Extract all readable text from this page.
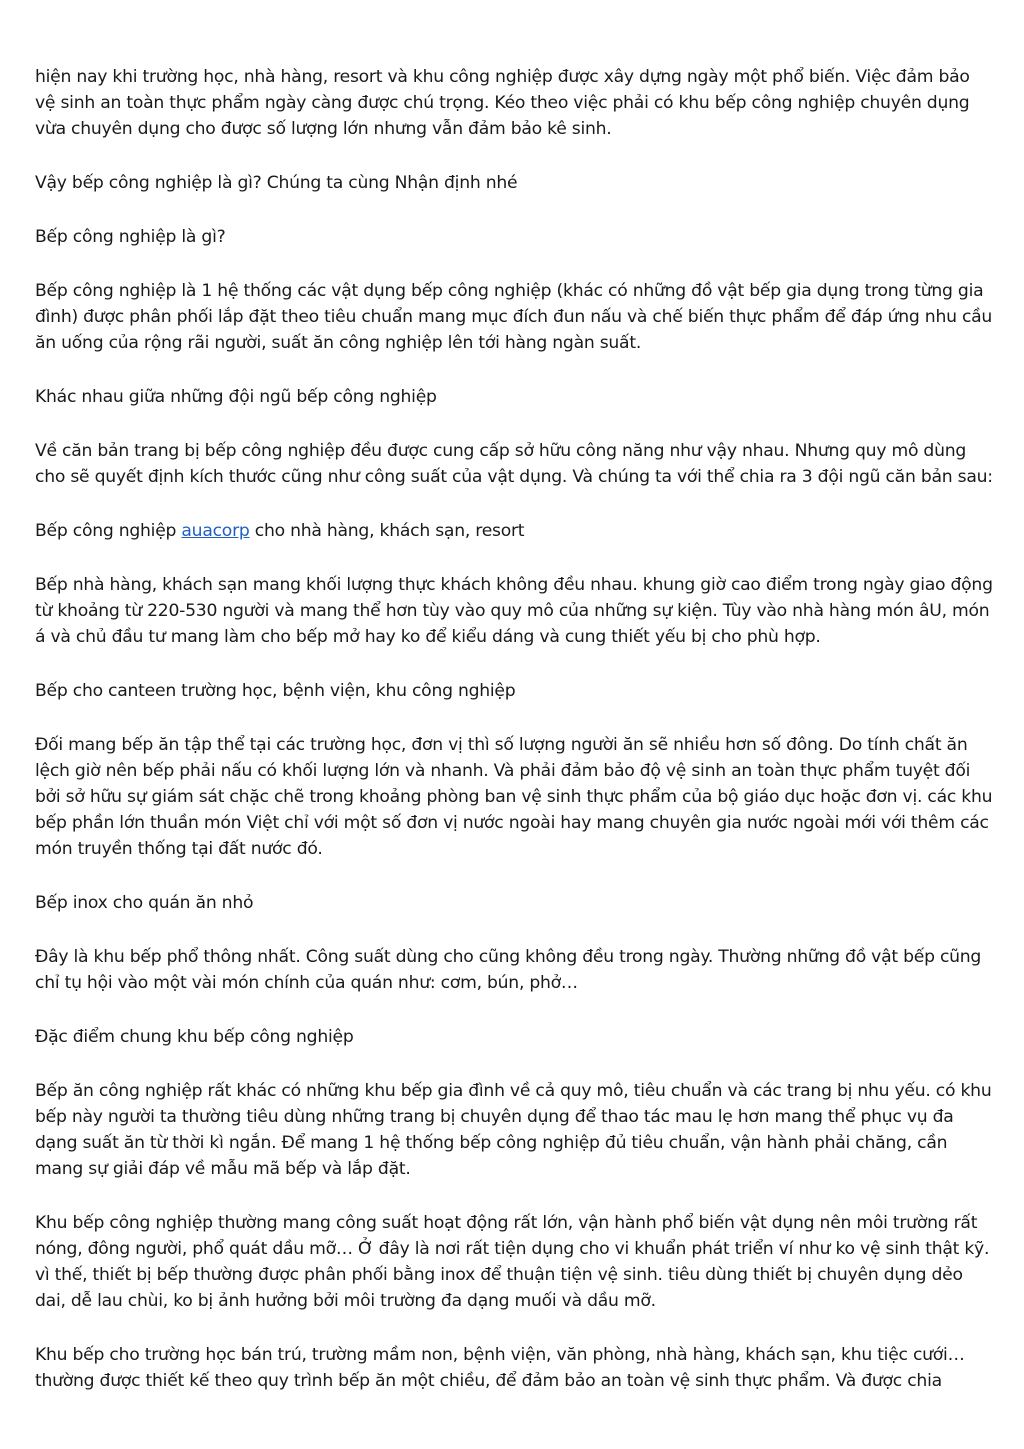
hiện nay khi trường học, nhà hàng, resort và khu công nghiệp được xây dựng ngày một phổ biến. Việc đảm bảo vệ sinh an toàn thực phẩm ngày càng được chú trọng. Kéo theo việc phải có khu bếp công nghiệp chuyên dụng vừa chuyên dụng cho được số lượng lớn nhưng vẫn đảm bảo kê sinh.

Vậy bếp công nghiệp là gì? Chúng ta cùng Nhận định nhé

Bếp công nghiệp là gì?

Bếp công nghiệp là 1 hệ thống các vật dụng bếp công nghiệp (khác có những đồ vật bếp gia dụng trong từng gia đình) được phân phối lắp đặt theo tiêu chuẩn mang mục đích đun nấu và chế biến thực phẩm để đáp ứng nhu cầu ăn uống của rộng rãi người, suất ăn công nghiệp lên tới hàng ngàn suất.

Khác nhau giữa những đội ngũ bếp công nghiệp

Về căn bản trang bị bếp công nghiệp đều được cung cấp sở hữu công năng như vậy nhau. Nhưng quy mô dùng cho sẽ quyết định kích thước cũng như công suất của vật dụng. Và chúng ta với thể chia ra 3 đội ngũ căn bản sau:

Bếp công nghiệp auacorp cho nhà hàng, khách sạn, resort

Bếp nhà hàng, khách sạn mang khối lượng thực khách không đều nhau. khung giờ cao điểm trong ngày giao động từ khoảng từ 220-530 người và mang thể hơn tùy vào quy mô của những sự kiện. Tùy vào nhà hàng món âU, món á và chủ đầu tư mang làm cho bếp mở hay ko để kiểu dáng và cung thiết yếu bị cho phù hợp.

Bếp cho canteen trường học, bệnh viện, khu công nghiệp

Đối mang bếp ăn tập thể tại các trường học, đơn vị thì số lượng người ăn sẽ nhiều hơn số đông. Do tính chất ăn lệch giờ nên bếp phải nấu có khối lượng lớn và nhanh. Và phải đảm bảo độ vệ sinh an toàn thực phẩm tuyệt đối bởi sở hữu sự giám sát chặc chẽ trong khoảng phòng ban vệ sinh thực phẩm của bộ giáo dục hoặc đơn vị. các khu bếp phần lớn thuần món Việt chỉ với một số đơn vị nước ngoài hay mang chuyên gia nước ngoài mới với thêm các món truyền thống tại đất nước đó.

Bếp inox cho quán ăn nhỏ

Đây là khu bếp phổ thông nhất. Công suất dùng cho cũng không đều trong ngày. Thường những đồ vật bếp cũng chỉ tụ hội vào một vài món chính của quán như: cơm, bún, phở…

Đặc điểm chung khu bếp công nghiệp

Bếp ăn công nghiệp rất khác có những khu bếp gia đình về cả quy mô, tiêu chuẩn và các trang bị nhu yếu. có khu bếp này người ta thường tiêu dùng những trang bị chuyên dụng để thao tác mau lẹ hơn mang thể phục vụ đa dạng suất ăn từ thời kì ngắn. Để mang 1 hệ thống bếp công nghiệp đủ tiêu chuẩn, vận hành phải chăng, cần mang sự giải đáp về mẫu mã bếp và lắp đặt.

Khu bếp công nghiệp thường mang công suất hoạt động rất lớn, vận hành phổ biến vật dụng nên môi trường rất nóng, đông người, phổ quát dầu mỡ… Ở đây là nơi rất tiện dụng cho vi khuẩn phát triển ví như ko vệ sinh thật kỹ. vì thế, thiết bị bếp thường được phân phối bằng inox để thuận tiện vệ sinh. tiêu dùng thiết bị chuyên dụng dẻo dai, dễ lau chùi, ko bị ảnh hưởng bởi môi trường đa dạng muối và dầu mỡ.

Khu bếp cho trường học bán trú, trường mầm non, bệnh viện, văn phòng, nhà hàng, khách sạn, khu tiệc cưới… thường được thiết kế theo quy trình bếp ăn một chiều, để đảm bảo an toàn vệ sinh thực phẩm. Và được chia
